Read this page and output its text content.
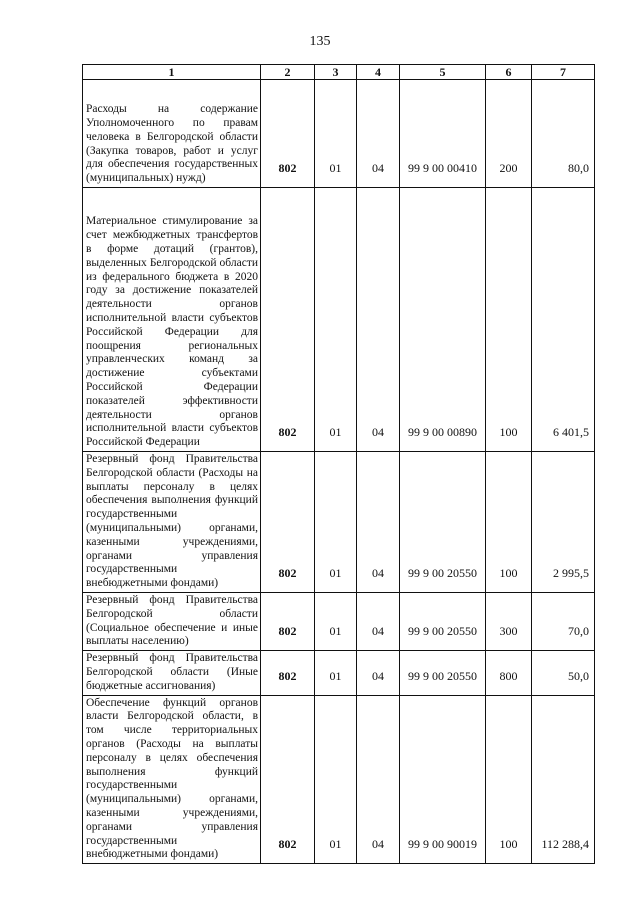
135
1	2	3	4	5	6	7
Расходы на содержание Уполномоченного по правам человека в Белгородской области (Закупка товаров, работ и услуг для обеспечения государственных (муниципальных) нужд)	802	01	04	99 9 00 00410	200	80,0
Материальное стимулирование за счет межбюджетных трансфертов в форме дотаций (грантов), выделенных Белгородской области из федерального бюджета в 2020 году за достижение показателей деятельности органов исполнительной власти субъектов Российской Федерации для поощрения региональных управленческих команд за достижение субъектами Российской Федерации показателей эффективности деятельности органов исполнительной власти субъектов Российской Федерации	802	01	04	99 9 00 00890	100	6 401,5
Резервный фонд Правительства Белгородской области (Расходы на выплаты персоналу в целях обеспечения выполнения функций государственными (муниципальными) органами, казенными учреждениями, органами управления государственными внебюджетными фондами)	802	01	04	99 9 00 20550	100	2 995,5
Резервный фонд Правительства Белгородской области (Социальное обеспечение и иные выплаты населению)	802	01	04	99 9 00 20550	300	70,0
Резервный фонд Правительства Белгородской области (Иные бюджетные ассигнования)	802	01	04	99 9 00 20550	800	50,0
Обеспечение функций органов власти Белгородской области, в том числе территориальных органов (Расходы на выплаты персоналу в целях обеспечения выполнения функций государственными (муниципальными) органами, казенными учреждениями, органами управления государственными внебюджетными фондами)	802	01	04	99 9 00 90019	100	112 288,4
